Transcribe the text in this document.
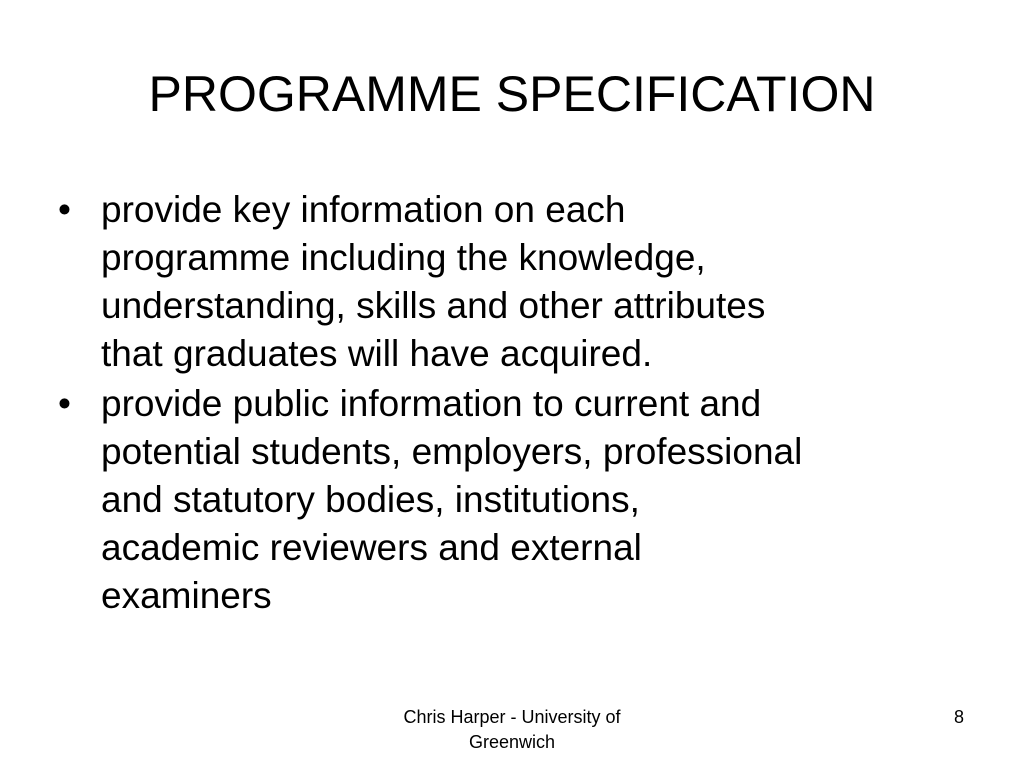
PROGRAMME SPECIFICATION
• provide key information on each
programme including the knowledge,
understanding, skills and other attributes
that graduates will have acquired.
• provide public information to current and
potential students, employers, professional
and statutory bodies, institutions,
academic reviewers and external
examiners
Chris Harper - University of
Greenwich
8
